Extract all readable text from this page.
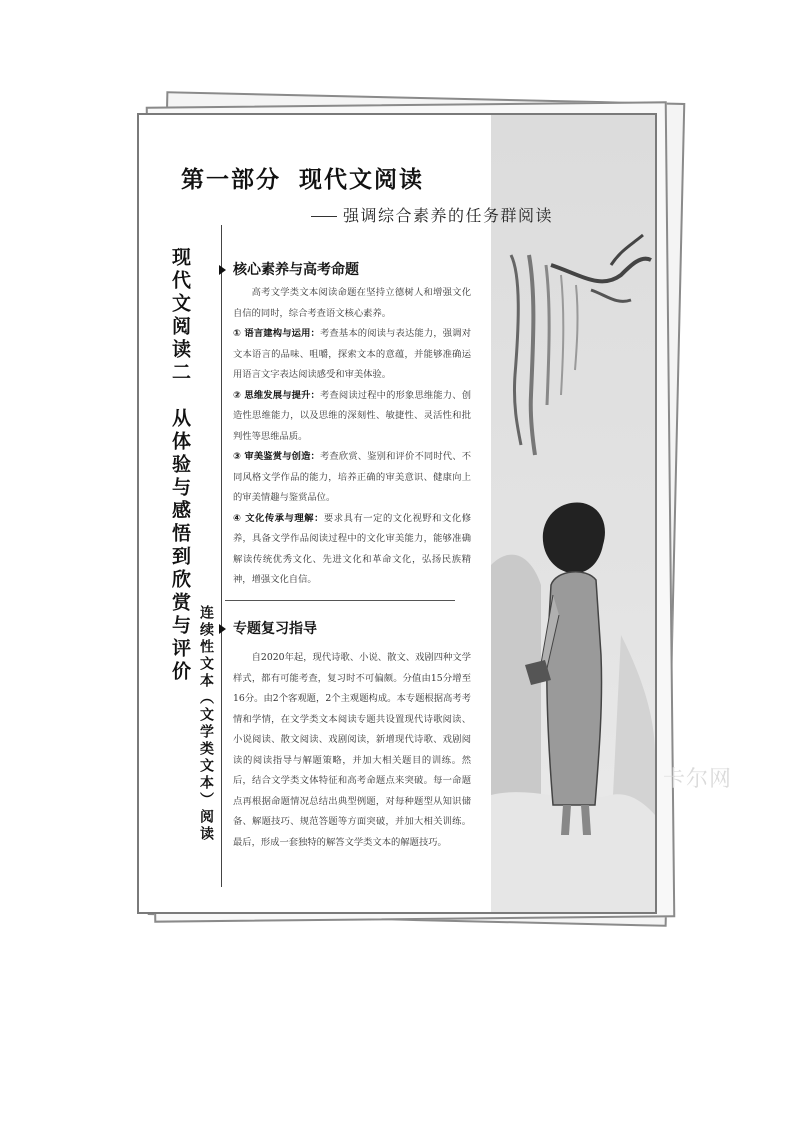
第一部分 现代文阅读
强调综合素养的任务群阅读
现代文阅读二　从体验与感悟到欣赏与评价
连续性文本（文学类文本）阅读
核心素养与高考命题

高考文学类文本阅读命题在坚持立德树人和增强文化自信的同时，综合考查语文核心素养。

① 语言建构与运用：考查基本的阅读与表达能力，强调对文本语言的品味、咀嚼，探索文本的意蕴，并能够准确运用语言文字表达阅读感受和审美体验。

② 思维发展与提升：考查阅读过程中的形象思维能力、创造性思维能力，以及思维的深刻性、敏捷性、灵活性和批判性等思维品质。

③ 审美鉴赏与创造：考查欣赏、鉴别和评价不同时代、不同风格文学作品的能力，培养正确的审美意识、健康向上的审美情趣与鉴赏品位。

④ 文化传承与理解：要求具有一定的文化视野和文化修养，具备文学作品阅读过程中的文化审美能力，能够准确解读传统优秀文化、先进文化和革命文化，弘扬民族精神，增强文化自信。

专题复习指导

自2020年起，现代诗歌、小说、散文、戏剧四种文学样式，都有可能考查，复习时不可偏颇。分值由15分增至16分。由2个客观题，2个主观题构成。本专题根据高考考情和学情，在文学类文本阅读专题共设置现代诗歌阅读、小说阅读、散文阅读、戏剧阅读，新增现代诗歌、戏剧阅读的阅读指导与解题策略，并加大相关题目的训练。然后，结合文学类文体特征和高考命题点来突破。每一命题点再根据命题情况总结出典型例题，对每种题型从知识储备、解题技巧、规范答题等方面突破，并加大相关训练。最后，形成一套独特的解答文学类文本的解题技巧。

卡尔网
